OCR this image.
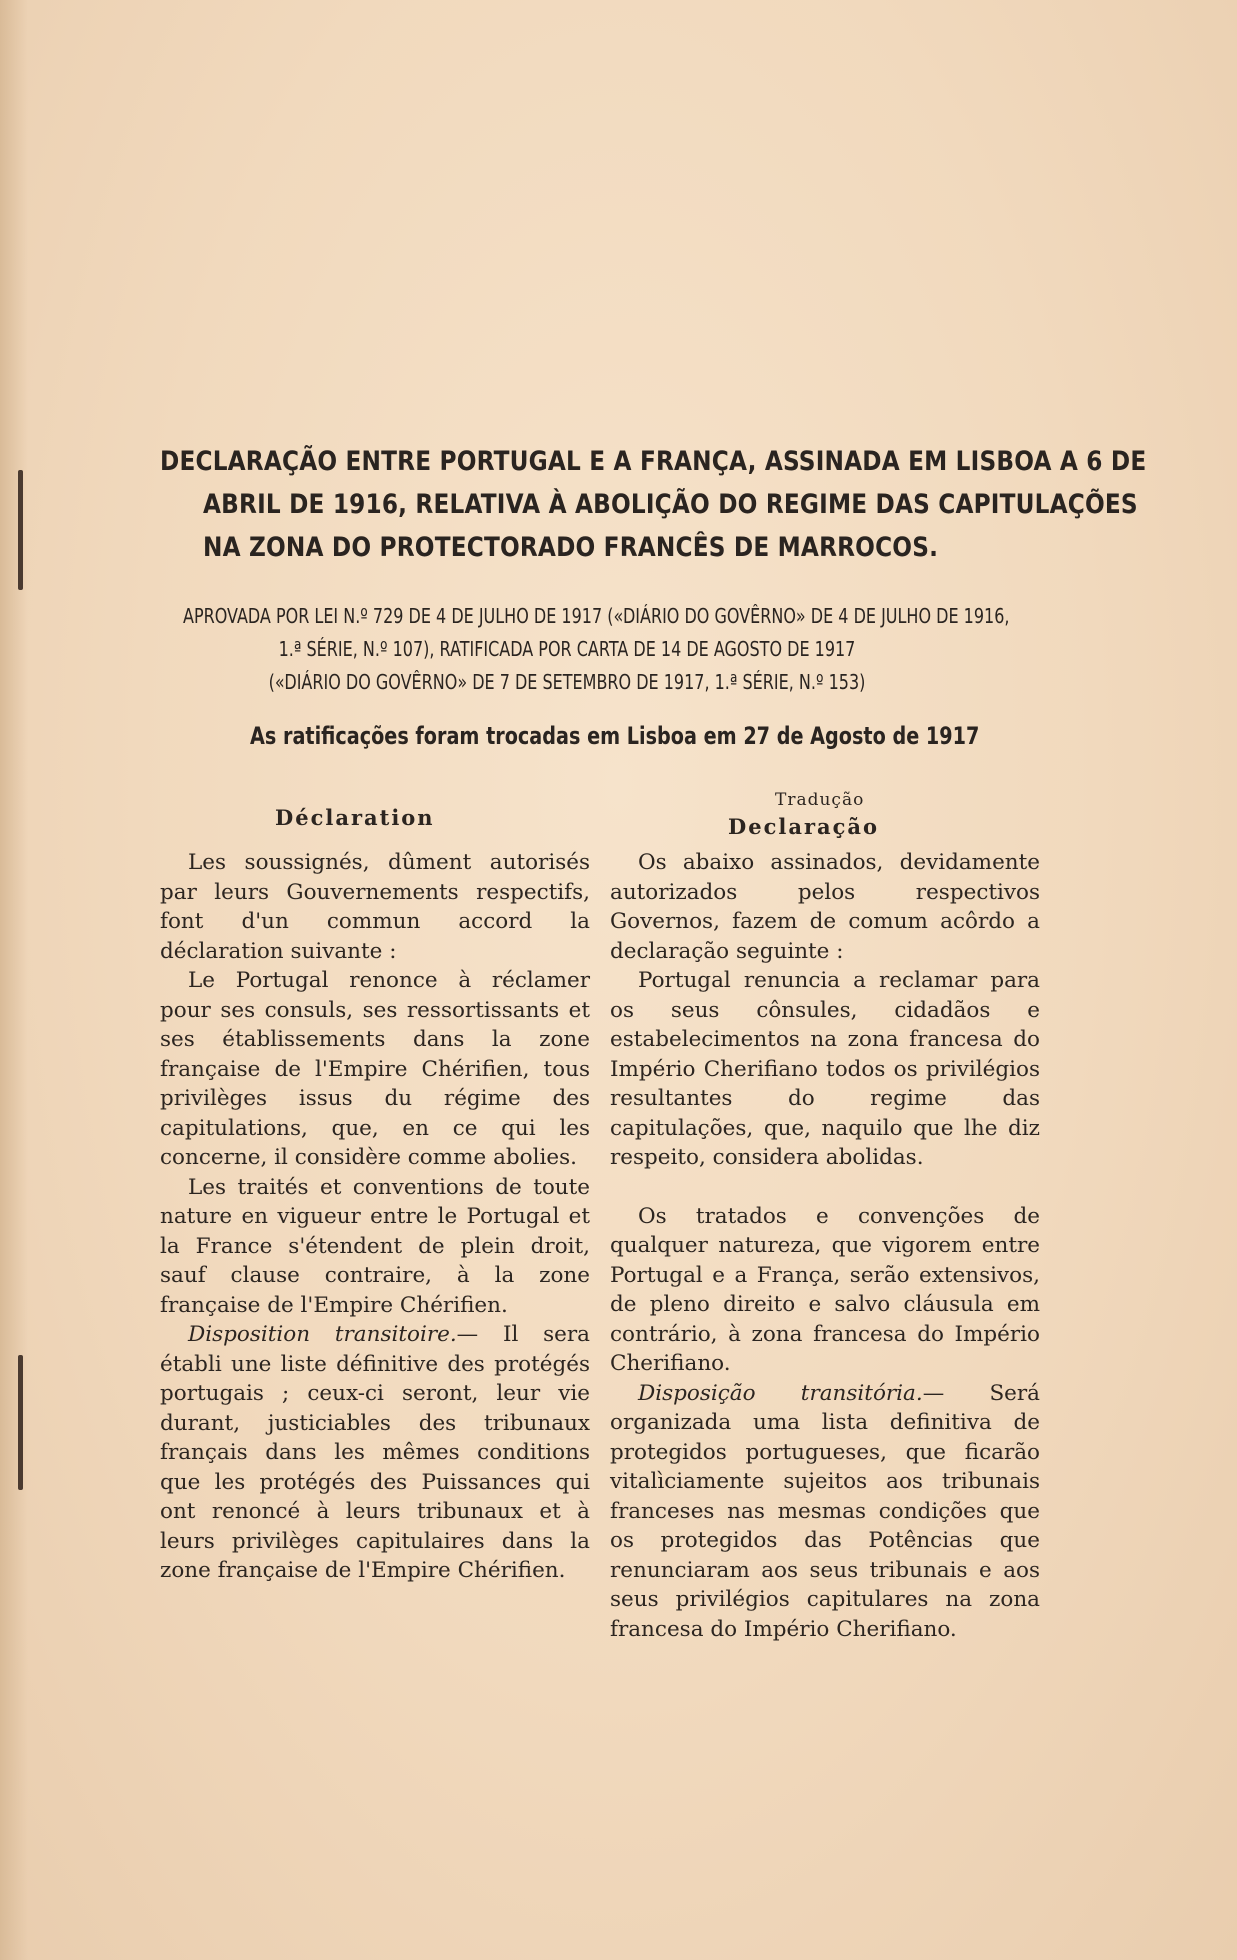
DECLARAÇÃO ENTRE PORTUGAL E A FRANÇA, ASSINADA EM LISBOA A 6 DE
ABRIL DE 1916, RELATIVA À ABOLIÇÃO DO REGIME DAS CAPITULAÇÕES
NA ZONA DO PROTECTORADO FRANCÊS DE MARROCOS.
APROVADA POR LEI N.º 729 DE 4 DE JULHO DE 1917 («DIÁRIO DO GOVÊRNO» DE 4 DE JULHO DE 1916,
1.ª SÉRIE, N.º 107), RATIFICADA POR CARTA DE 14 DE AGOSTO DE 1917
(«DIÁRIO DO GOVÊRNO» DE 7 DE SETEMBRO DE 1917, 1.ª SÉRIE, N.º 153)
As ratificações foram trocadas em Lisboa em 27 de Agosto de 1917
Déclaration
Tradução
Declaração

Les soussignés, dûment autorisés par leurs Gouvernements respectifs, font d'un commun accord la déclaration suivante :

Le Portugal renonce à réclamer pour ses consuls, ses ressortissants et ses établissements dans la zone française de l'Empire Chérifien, tous privilèges issus du régime des capitulations, que, en ce qui les concerne, il considère comme abolies.

Les traités et conventions de toute nature en vigueur entre le Portugal et la France s'étendent de plein droit, sauf clause contraire, à la zone française de l'Empire Chérifien.

Disposition transitoire.— Il sera établi une liste définitive des protégés portugais ; ceux-ci seront, leur vie durant, justiciables des tribunaux français dans les mêmes conditions que les protégés des Puissances qui ont renoncé à leurs tribunaux et à leurs privilèges capitulaires dans la zone française de l'Empire Chérifien.

Os abaixo assinados, devidamente autorizados pelos respectivos Governos, fazem de comum acôrdo a declaração seguinte :

Portugal renuncia a reclamar para os seus cônsules, cidadãos e estabelecimentos na zona francesa do Império Cherifiano todos os privilégios resultantes do regime das capitulações, que, naquilo que lhe diz respeito, considera abolidas.

Os tratados e convenções de qualquer natureza, que vigorem entre Portugal e a França, serão extensivos, de pleno direito e salvo cláusula em contrário, à zona francesa do Império Cherifiano.

Disposição transitória.— Será organizada uma lista definitiva de protegidos portugueses, que ficarão vitalìciamente sujeitos aos tribunais franceses nas mesmas condições que os protegidos das Potências que renunciaram aos seus tribunais e aos seus privilégios capitulares na zona francesa do Império Cherifiano.
